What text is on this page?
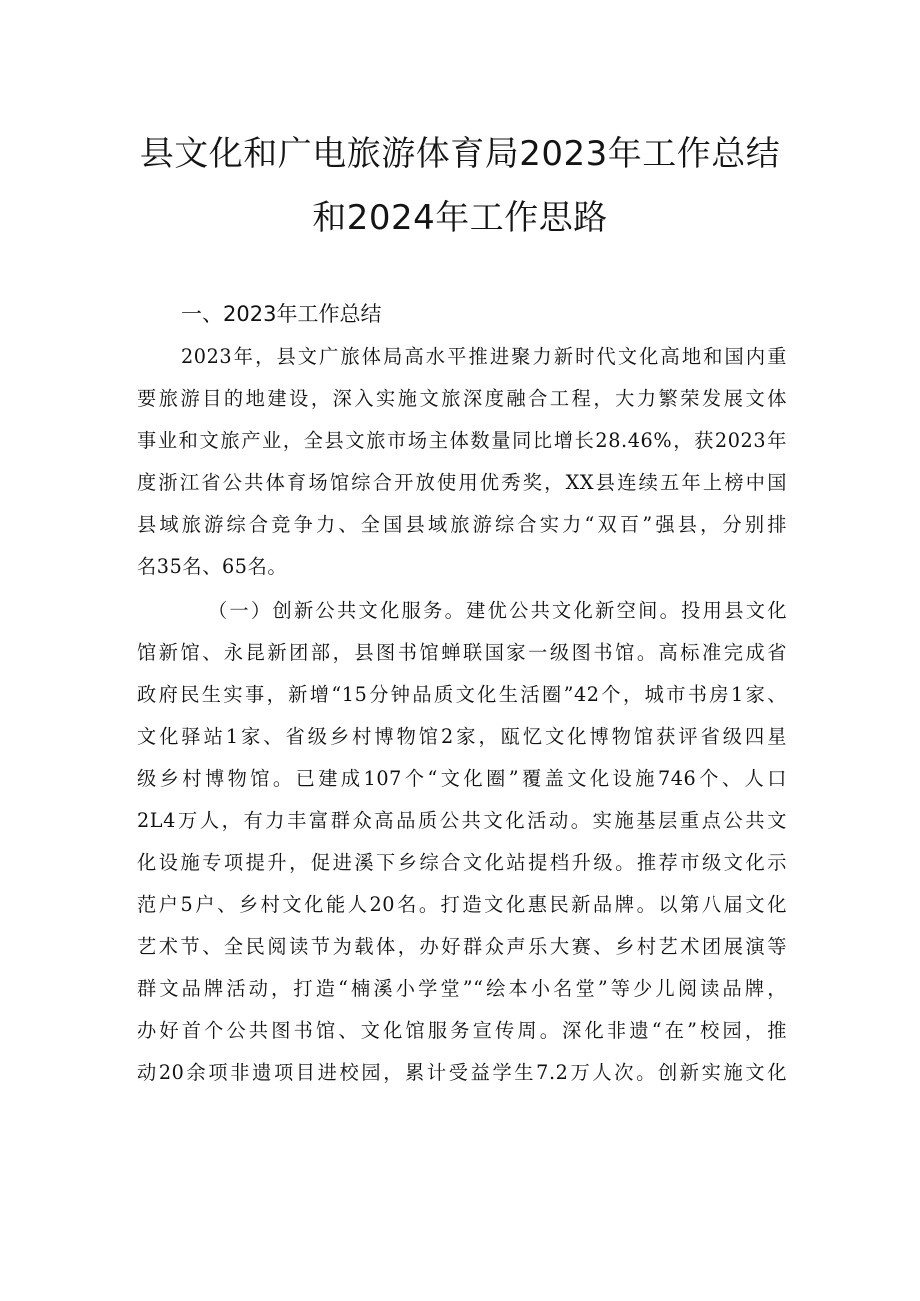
县文化和广电旅游体育局2023年工作总结
和2024年工作思路
一、2023年工作总结
2023年，县文广旅体局高水平推进聚力新时代文化高地和国内重
要旅游目的地建设，深入实施文旅深度融合工程，大力繁荣发展文体
事业和文旅产业，全县文旅市场主体数量同比增长28.46%，获2023年
度浙江省公共体育场馆综合开放使用优秀奖，XX县连续五年上榜中国
县域旅游综合竞争力、全国县域旅游综合实力“双百”强县，分别排
名35名、65名。
（一）创新公共文化服务。建优公共文化新空间。投用县文化
馆新馆、永昆新团部，县图书馆蝉联国家一级图书馆。高标准完成省
政府民生实事，新增“15分钟品质文化生活圈”42个，城市书房1家、
文化驿站1家、省级乡村博物馆2家，瓯忆文化博物馆获评省级四星
级乡村博物馆。已建成107个“文化圈”覆盖文化设施746个、人口
2L4万人，有力丰富群众高品质公共文化活动。实施基层重点公共文
化设施专项提升，促进溪下乡综合文化站提档升级。推荐市级文化示
范户5户、乡村文化能人20名。打造文化惠民新品牌。以第八届文化
艺术节、全民阅读节为载体，办好群众声乐大赛、乡村艺术团展演等
群文品牌活动，打造“楠溪小学堂”“绘本小名堂”等少儿阅读品牌，
办好首个公共图书馆、文化馆服务宣传周。深化非遗“在”校园，推
动20余项非遗项目进校园，累计受益学生7.2万人次。创新实施文化
